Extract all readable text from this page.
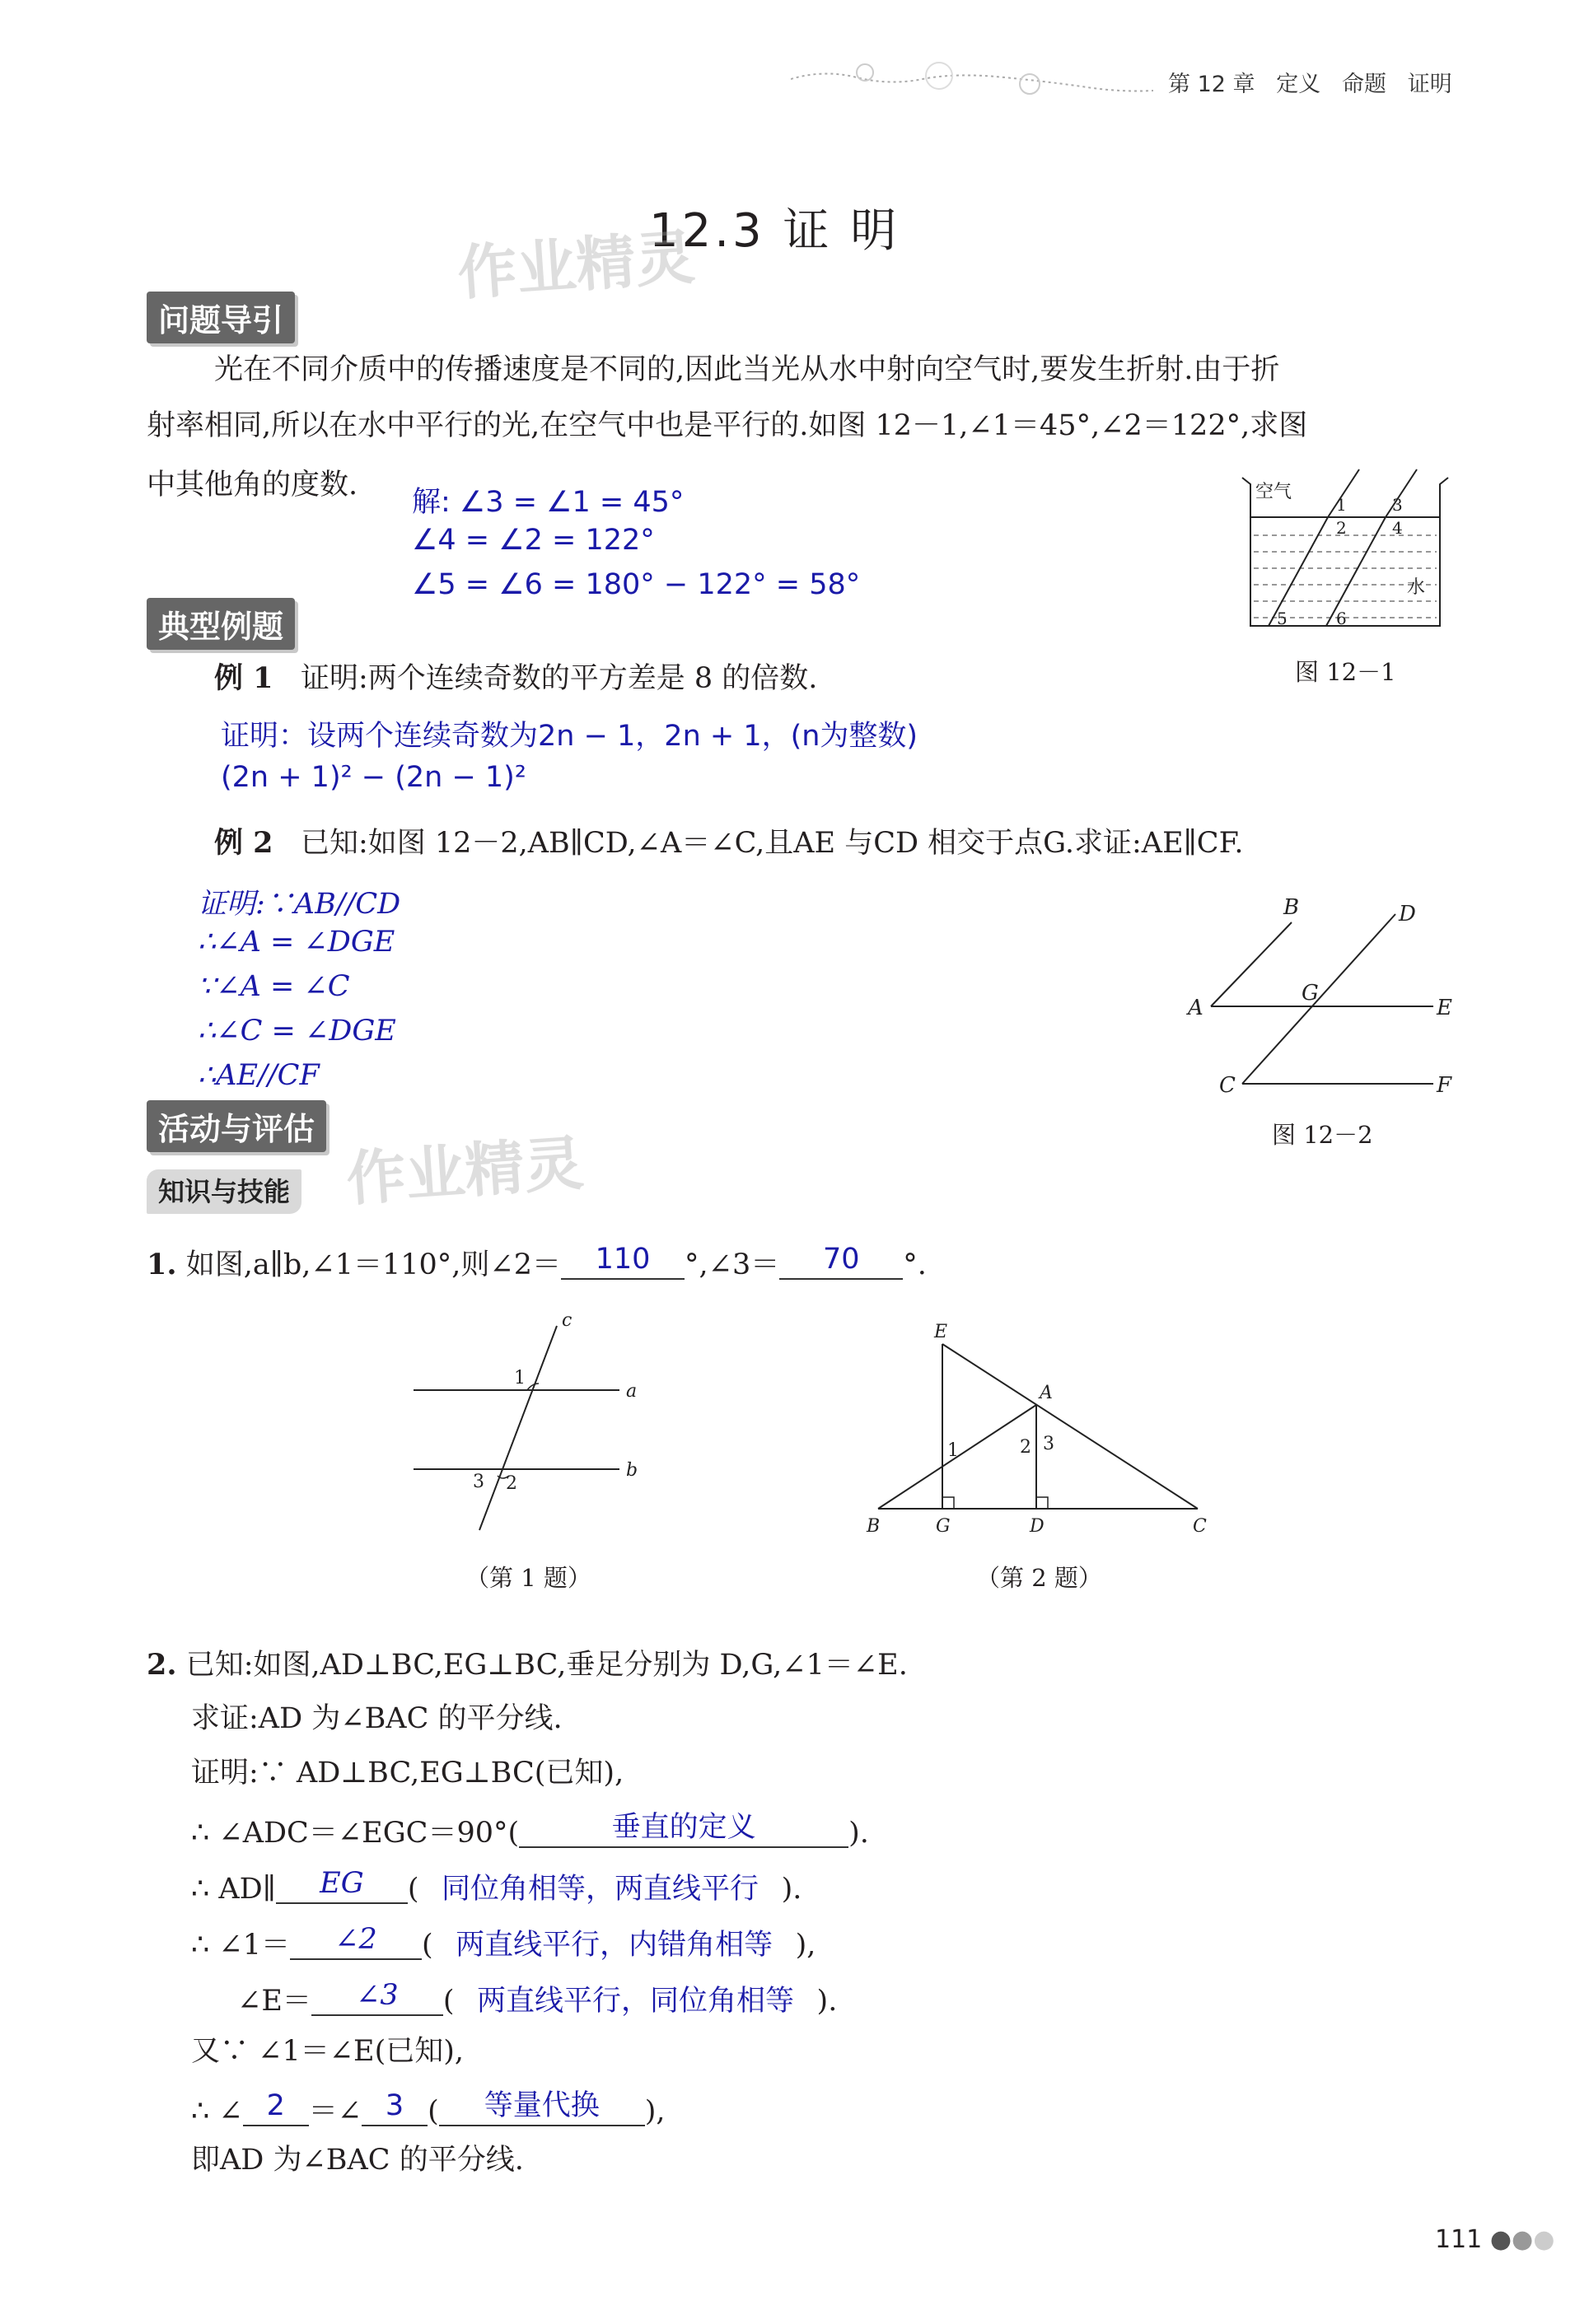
第 12 章 定义 命题 证明
12.3 证 明
作业精灵
问题导引
光在不同介质中的传播速度是不同的,因此当光从水中射向空气时,要发生折射.由于折
射率相同,所以在水中平行的光,在空气中也是平行的.如图 12－1,∠1＝45°,∠2＝122°,求图
中其他角的度数.
解: ∠3 = ∠1 = 45°
∠4 = ∠2 = 122°
∠5 = ∠6 = 180° − 122° = 58°
空气
水
1
2
3
4
5	6
图 12－1
典型例题
例 1 证明:两个连续奇数的平方差是 8 的倍数.
证明：设两个连续奇数为2n − 1，2n + 1，(n为整数)
(2n + 1)² − (2n − 1)²
例 2 已知:如图 12－2,AB∥CD,∠A＝∠C,且AE 与CD 相交于点G.求证:AE∥CF.
证明:∵AB//CD
∴∠A = ∠DGE
∵∠A = ∠C
∴∠C = ∠DGE
∴AE//CF
A
B
C
D
E
F
G
图 12－2
活动与评估 作业精灵
知识与技能
1. 如图,a∥b,∠1＝110°,则∠2＝ 110 °,∠3＝ 70 °.
c
a
b
1
2
3
（第 1 题）
E
A
B	G	D	C
1	2 3
（第 2 题）
2. 已知:如图,AD⊥BC,EG⊥BC,垂足分别为 D,G,∠1＝∠E.
求证:AD 为∠BAC 的平分线.
证明:∵ AD⊥BC,EG⊥BC(已知),
∴ ∠ADC＝∠EGC＝90°(	垂直的定义	).
∴ AD∥ EG ( 同位角相等，两直线平行 ).
∴ ∠1＝ ∠2 ( 两直线平行，内错角相等 ),
∠E＝ ∠3 ( 两直线平行，同位角相等 ).
又∵ ∠1＝∠E(已知),
∴ ∠ 2 ＝∠ 3 ( 等量代换 ),
即AD 为∠BAC 的平分线.
111 ●●●
